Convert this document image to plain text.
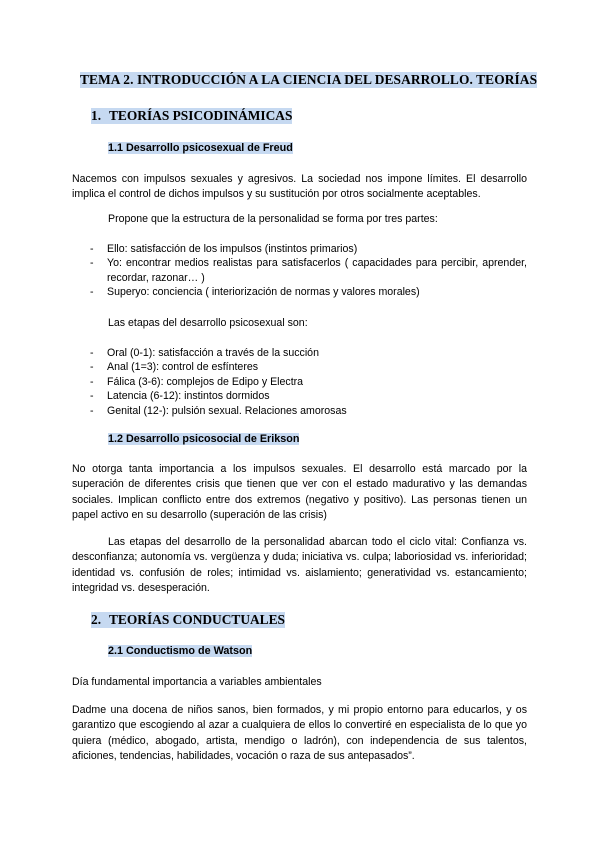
TEMA 2. INTRODUCCIÓN A LA CIENCIA DEL DESARROLLO. TEORÍAS
1. TEORÍAS PSICODINÁMICAS
1.1 Desarrollo psicosexual de Freud
Nacemos con impulsos sexuales y agresivos. La sociedad nos impone límites. El desarrollo implica el control de dichos impulsos y su sustitución por otros socialmente aceptables.
Propone que la estructura de la personalidad se forma por tres partes:
- Ello: satisfacción de los impulsos (instintos primarios)
- Yo: encontrar medios realistas para satisfacerlos ( capacidades para percibir, aprender, recordar, razonar… )
- Superyo: conciencia ( interiorización de normas y valores morales)
Las etapas del desarrollo psicosexual son:
- Oral (0-1): satisfacción a través de la succión
- Anal (1=3): control de esfínteres
- Fálica (3-6): complejos de Edipo y Electra
- Latencia (6-12): instintos dormidos
- Genital (12-): pulsión sexual. Relaciones amorosas
1.2 Desarrollo psicosocial de Erikson
No otorga tanta importancia a los impulsos sexuales. El desarrollo está marcado por la superación de diferentes crisis que tienen que ver con el estado madurativo y las demandas sociales. Implican conflicto entre dos extremos (negativo y positivo). Las personas tienen un papel activo en su desarrollo (superación de las crisis)
Las etapas del desarrollo de la personalidad abarcan todo el ciclo vital: Confianza vs. desconfianza; autonomía vs. vergüenza y duda; iniciativa vs. culpa; laboriosidad vs. inferioridad; identidad vs. confusión de roles; intimidad vs. aislamiento; generatividad vs. estancamiento; integridad vs. desesperación.
2. TEORÍAS CONDUCTUALES
2.1 Conductismo de Watson
Día fundamental importancia a variables ambientales
Dadme una docena de niños sanos, bien formados, y mi propio entorno para educarlos, y os garantizo que escogiendo al azar a cualquiera de ellos lo convertiré en especialista de lo que yo quiera (médico, abogado, artista, mendigo o ladrón), con independencia de sus talentos, aficiones, tendencias, habilidades, vocación o raza de sus antepasados”.
